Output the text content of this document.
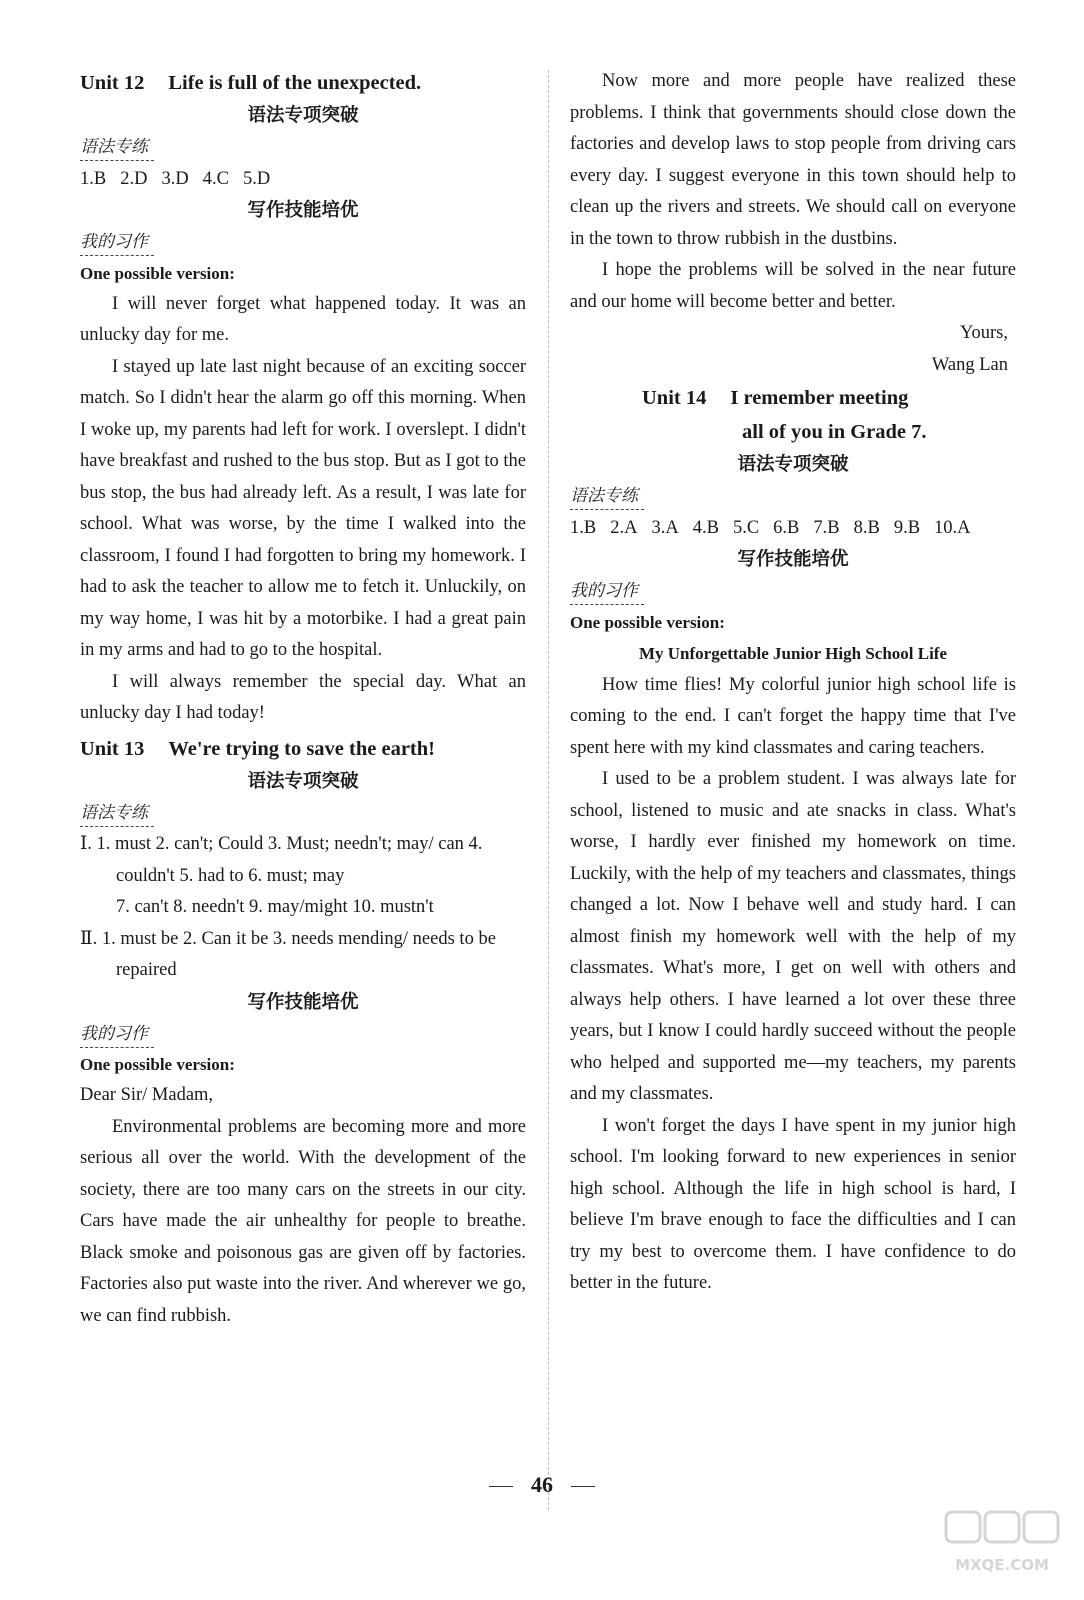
Unit 12 Life is full of the unexpected.
语法专项突破
语法专练
1.B 2.D 3.D 4.C 5.D
写作技能培优
我的习作
One possible version:

I will never forget what happened today. It was an unlucky day for me.

I stayed up late last night because of an exciting soccer match. So I didn't hear the alarm go off this morning. When I woke up, my parents had left for work. I overslept. I didn't have breakfast and rushed to the bus stop. But as I got to the bus stop, the bus had already left. As a result, I was late for school. What was worse, by the time I walked into the classroom, I found I had forgotten to bring my homework. I had to ask the teacher to allow me to fetch it. Unluckily, on my way home, I was hit by a motorbike. I had a great pain in my arms and had to go to the hospital.

I will always remember the special day. What an unlucky day I had today!

Unit 13 We're trying to save the earth!
语法专项突破
语法专练
Ⅰ. 1. must 2. can't; Could 3. Must; needn't; may/ can 4. couldn't 5. had to 6. must; may
7. can't 8. needn't 9. may/might 10. mustn't
Ⅱ. 1. must be 2. Can it be 3. needs mending/ needs to be repaired
写作技能培优
我的习作
One possible version:

Dear Sir/ Madam,

Environmental problems are becoming more and more serious all over the world. With the development of the society, there are too many cars on the streets in our city. Cars have made the air unhealthy for people to breathe. Black smoke and poisonous gas are given off by factories. Factories also put waste into the river. And wherever we go, we can find rubbish.

Now more and more people have realized these problems. I think that governments should close down the factories and develop laws to stop people from driving cars every day. I suggest everyone in this town should help to clean up the rivers and streets. We should call on everyone in the town to throw rubbish in the dustbins.

I hope the problems will be solved in the near future and our home will become better and better.

Yours,
Wang Lan
Unit 14 I remember meeting
all of you in Grade 7.
语法专项突破
语法专练
1.B 2.A 3.A 4.B 5.C 6.B 7.B 8.B 9.B 10.A
写作技能培优
我的习作
One possible version:
My Unforgettable Junior High School Life

How time flies! My colorful junior high school life is coming to the end. I can't forget the happy time that I've spent here with my kind classmates and caring teachers.

I used to be a problem student. I was always late for school, listened to music and ate snacks in class. What's worse, I hardly ever finished my homework on time. Luckily, with the help of my teachers and classmates, things changed a lot. Now I behave well and study hard. I can almost finish my homework well with the help of my classmates. What's more, I get on well with others and always help others. I have learned a lot over these three years, but I know I could hardly succeed without the people who helped and supported me—my teachers, my parents and my classmates.

I won't forget the days I have spent in my junior high school. I'm looking forward to new experiences in senior high school. Although the life in high school is hard, I believe I'm brave enough to face the difficulties and I can try my best to overcome them. I have confidence to do better in the future.

46
MXQE.COM
